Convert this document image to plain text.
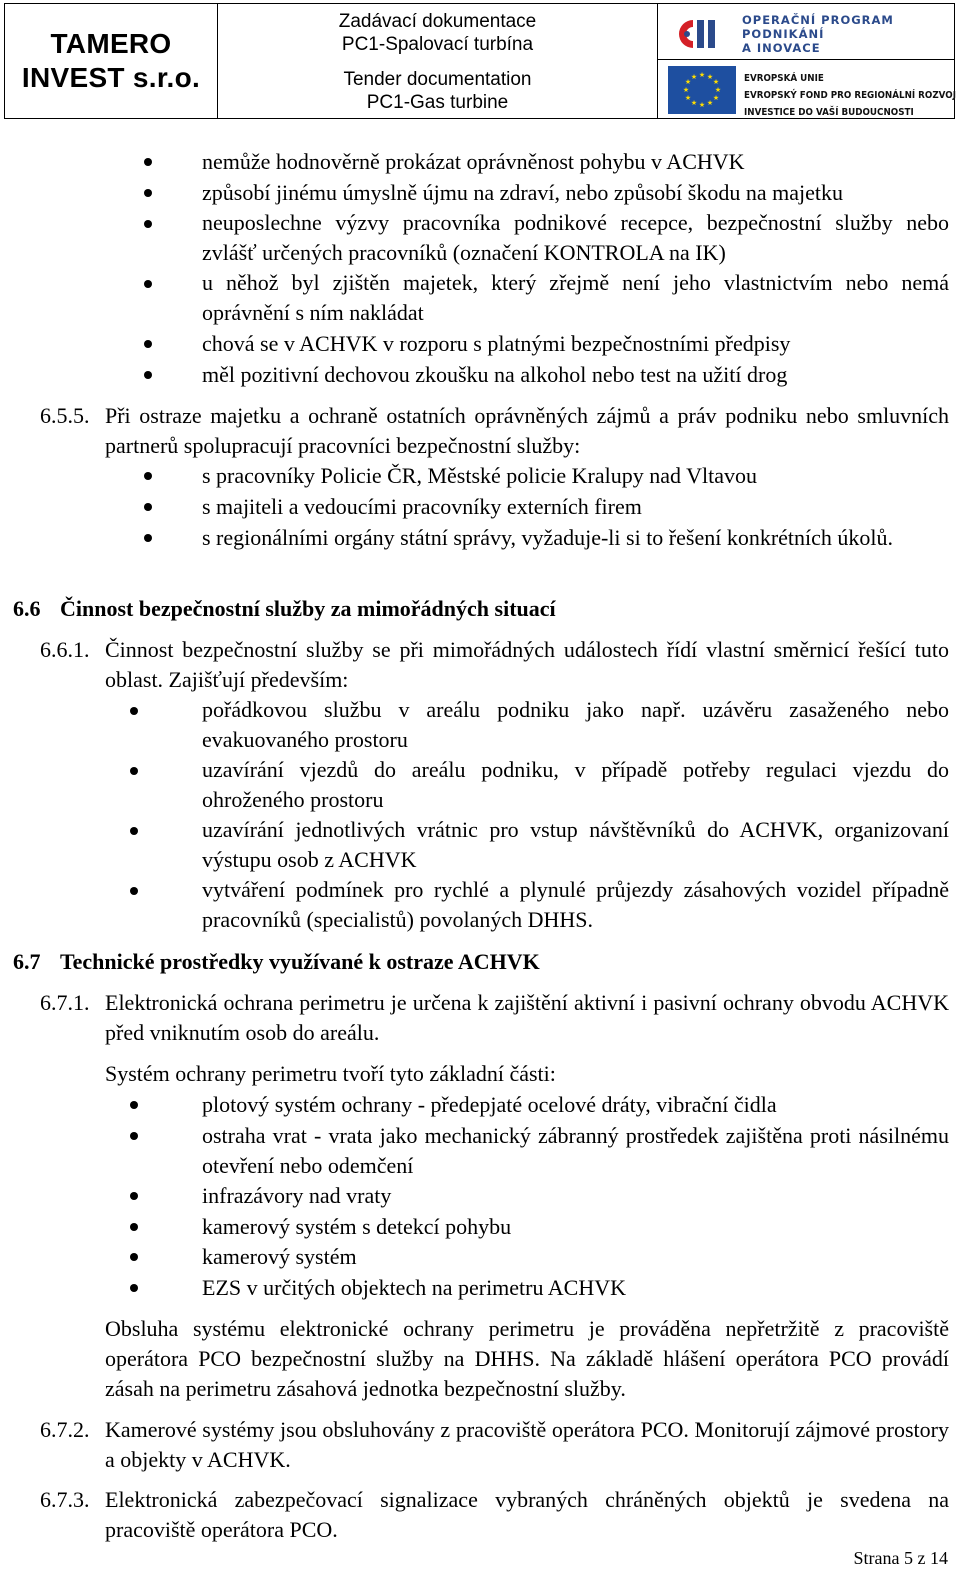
TAMERO
INVEST s.r.o.
Zadávací dokumentace
PC1-Spalovací turbína
Tender documentation
PC1-Gas turbine
OPERAČNÍ PROGRAM
PODNIKÁNÍ
A INOVACE
★ ★
★
★
★
★
★
★
★
★
★
★	EVROPSKÁ UNIE
EVROPSKÝ FOND PRO REGIONÁLNÍ ROZVOJ
INVESTICE DO VAŠÍ BUDOUCNOSTI
nemůže hodnověrně prokázat oprávněnost pohybu v ACHVK
způsobí jinému úmyslně újmu na zdraví, nebo způsobí škodu na majetku
neuposlechne výzvy pracovníka podnikové recepce, bezpečnostní služby nebo zvlášť určených pracovníků (označení KONTROLA na IK)
u něhož byl zjištěn majetek, který zřejmě není jeho vlastnictvím nebo nemá oprávnění s ním nakládat
chová se v ACHVK v rozporu s platnými bezpečnostními předpisy
měl pozitivní dechovou zkoušku na alkohol nebo test na užití drog
6.5.5. Při ostraze majetku a ochraně ostatních oprávněných zájmů a práv podniku nebo smluvních partnerů spolupracují pracovníci bezpečnostní služby:
s pracovníky Policie ČR, Městské policie Kralupy nad Vltavou
s majiteli a vedoucími pracovníky externích firem
s regionálními orgány státní správy, vyžaduje-li si to řešení konkrétních úkolů.
6.6 Činnost bezpečnostní služby za mimořádných situací
6.6.1. Činnost bezpečnostní služby se při mimořádných událostech řídí vlastní směrnicí řešící tuto oblast. Zajišťují především:
pořádkovou službu v areálu podniku jako např. uzávěru zasaženého nebo evakuovaného prostoru
uzavírání vjezdů do areálu podniku, v případě potřeby regulaci vjezdu do ohroženého prostoru
uzavírání jednotlivých vrátnic pro vstup návštěvníků do ACHVK, organizovaní výstupu osob z ACHVK
vytváření podmínek pro rychlé a plynulé průjezdy zásahových vozidel případně pracovníků (specialistů) povolaných DHHS.
6.7 Technické prostředky využívané k ostraze ACHVK
6.7.1. Elektronická ochrana perimetru je určena k zajištění aktivní i pasivní ochrany obvodu ACHVK před vniknutím osob do areálu.
Systém ochrany perimetru tvoří tyto základní části:
plotový systém ochrany - předepjaté ocelové dráty, vibrační čidla
ostraha vrat - vrata jako mechanický zábranný prostředek zajištěna proti násilnému otevření nebo odemčení
infrazávory nad vraty
kamerový systém s detekcí pohybu
kamerový systém
EZS v určitých objektech na perimetru ACHVK
Obsluha systému elektronické ochrany perimetru je prováděna nepřetržitě z pracoviště operátora PCO bezpečnostní služby na DHHS. Na základě hlášení operátora PCO provádí zásah na perimetru zásahová jednotka bezpečnostní služby.
6.7.2. Kamerové systémy jsou obsluhovány z pracoviště operátora PCO. Monitorují zájmové prostory a objekty v ACHVK.
6.7.3. Elektronická zabezpečovací signalizace vybraných chráněných objektů je svedena na pracoviště operátora PCO.
Strana 5 z 14
